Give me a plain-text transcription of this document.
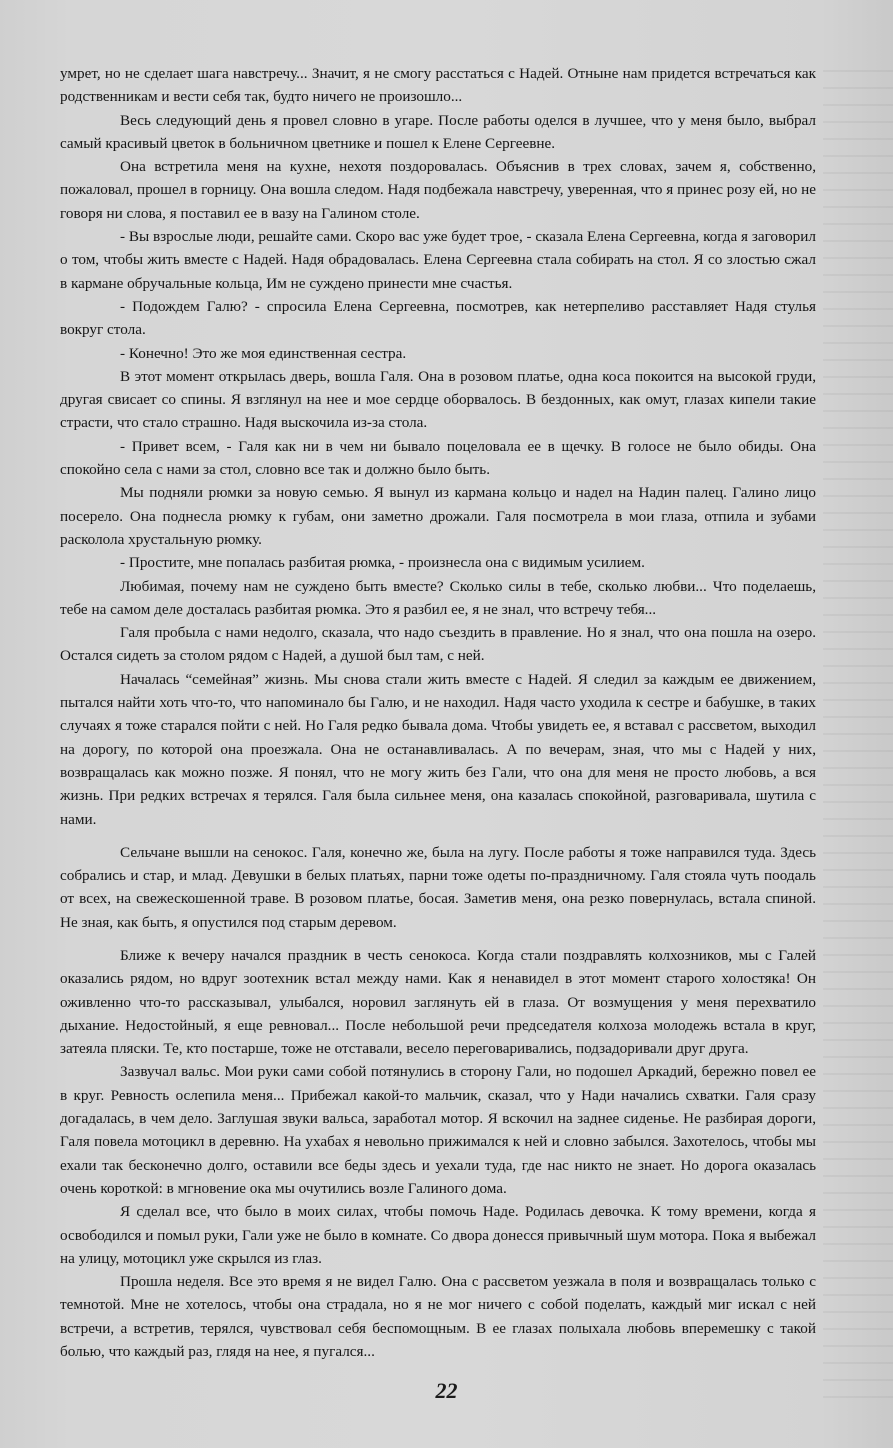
умрет, но не сделает шага навстречу... Значит, я не смогу расстаться с Надей. Отныне нам придется встречаться как родственникам и вести себя так, будто ничего не произошло...

Весь следующий день я провел словно в угаре. После работы оделся в лучшее, что у меня было, выбрал самый красивый цветок в больничном цветнике и пошел к Елене Сергеевне.

Она встретила меня на кухне, нехотя поздоровалась. Объяснив в трех словах, зачем я, собственно, пожаловал, прошел в горницу. Она вошла следом. Надя подбежала навстречу, уверенная, что я принес розу ей, но не говоря ни слова, я поставил ее в вазу на Галином столе.

- Вы взрослые люди, решайте сами. Скоро вас уже будет трое, - сказала Елена Сергеевна, когда я заговорил о том, чтобы жить вместе с Надей. Надя обрадовалась. Елена Сергеевна стала собирать на стол. Я со злостью сжал в кармане обручальные кольца, Им не суждено принести мне счастья.

- Подождем Галю? - спросила Елена Сергеевна, посмотрев, как нетерпеливо расставляет Надя стулья вокруг стола.

- Конечно! Это же моя единственная сестра.

В этот момент открылась дверь, вошла Галя. Она в розовом платье, одна коса покоится на высокой груди, другая свисает со спины. Я взглянул на нее и мое сердце оборвалось. В бездонных, как омут, глазах кипели такие страсти, что стало страшно. Надя выскочила из-за стола.

- Привет всем, - Галя как ни в чем ни бывало поцеловала ее в щечку. В голосе не было обиды. Она спокойно села с нами за стол, словно все так и должно было быть.

Мы подняли рюмки за новую семью. Я вынул из кармана кольцо и надел на Надин палец. Галино лицо посерело. Она поднесла рюмку к губам, они заметно дрожали. Галя посмотрела в мои глаза, отпила и зубами расколола хрустальную рюмку.

- Простите, мне попалась разбитая рюмка, - произнесла она с видимым усилием.

Любимая, почему нам не суждено быть вместе? Сколько силы в тебе, сколько любви... Что поделаешь, тебе на самом деле досталась разбитая рюмка. Это я разбил ее, я не знал, что встречу тебя...

Галя пробыла с нами недолго, сказала, что надо съездить в правление. Но я знал, что она пошла на озеро. Остался сидеть за столом рядом с Надей, а душой был там, с ней.

Началась “семейная” жизнь. Мы снова стали жить вместе с Надей. Я следил за каждым ее движением, пытался найти хоть что-то, что напоминало бы Галю, и не находил. Надя часто уходила к сестре и бабушке, в таких случаях я тоже старался пойти с ней. Но Галя редко бывала дома. Чтобы увидеть ее, я вставал с рассветом, выходил на дорогу, по которой она проезжала. Она не останавливалась. А по вечерам, зная, что мы с Надей у них, возвращалась как можно позже. Я понял, что не могу жить без Гали, что она для меня не просто любовь, а вся жизнь. При редких встречах я терялся. Галя была сильнее меня, она казалась спокойной, разговаривала, шутила с нами.

Сельчане вышли на сенокос. Галя, конечно же, была на лугу. После работы я тоже направился туда. Здесь собрались и стар, и млад. Девушки в белых платьях, парни тоже одеты по-праздничному. Галя стояла чуть поодаль от всех, на свежескошенной траве. В розовом платье, босая. Заметив меня, она резко повернулась, встала спиной. Не зная, как быть, я опустился под старым деревом.

Ближе к вечеру начался праздник в честь сенокоса. Когда стали поздравлять колхозников, мы с Галей оказались рядом, но вдруг зоотехник встал между нами. Как я ненавидел в этот момент старого холостяка! Он оживленно что-то рассказывал, улыбался, норовил заглянуть ей в глаза. От возмущения у меня перехватило дыхание. Недостойный, я еще ревновал... После небольшой речи председателя колхоза молодежь встала в круг, затеяла пляски. Те, кто постарше, тоже не отставали, весело переговаривались, подзадоривали друг друга.

Зазвучал вальс. Мои руки сами собой потянулись в сторону Гали, но подошел Аркадий, бережно повел ее в круг. Ревность ослепила меня... Прибежал какой-то мальчик, сказал, что у Нади начались схватки. Галя сразу догадалась, в чем дело. Заглушая звуки вальса, заработал мотор. Я вскочил на заднее сиденье. Не разбирая дороги, Галя повела мотоцикл в деревню. На ухабах я невольно прижимался к ней и словно забылся. Захотелось, чтобы мы ехали так бесконечно долго, оставили все беды здесь и уехали туда, где нас никто не знает. Но дорога оказалась очень короткой: в мгновение ока мы очутились возле Галиного дома.

Я сделал все, что было в моих силах, чтобы помочь Наде. Родилась девочка. К тому времени, когда я освободился и помыл руки, Гали уже не было в комнате. Со двора донесся привычный шум мотора. Пока я выбежал на улицу, мотоцикл уже скрылся из глаз.

Прошла неделя. Все это время я не видел Галю. Она с рассветом уезжала в поля и возвращалась только с темнотой. Мне не хотелось, чтобы она страдала, но я не мог ничего с собой поделать, каждый миг искал с ней встречи, а встретив, терялся, чувствовал себя беспомощным. В ее глазах полыхала любовь вперемешку с такой болью, что каждый раз, глядя на нее, я пугался...

22
